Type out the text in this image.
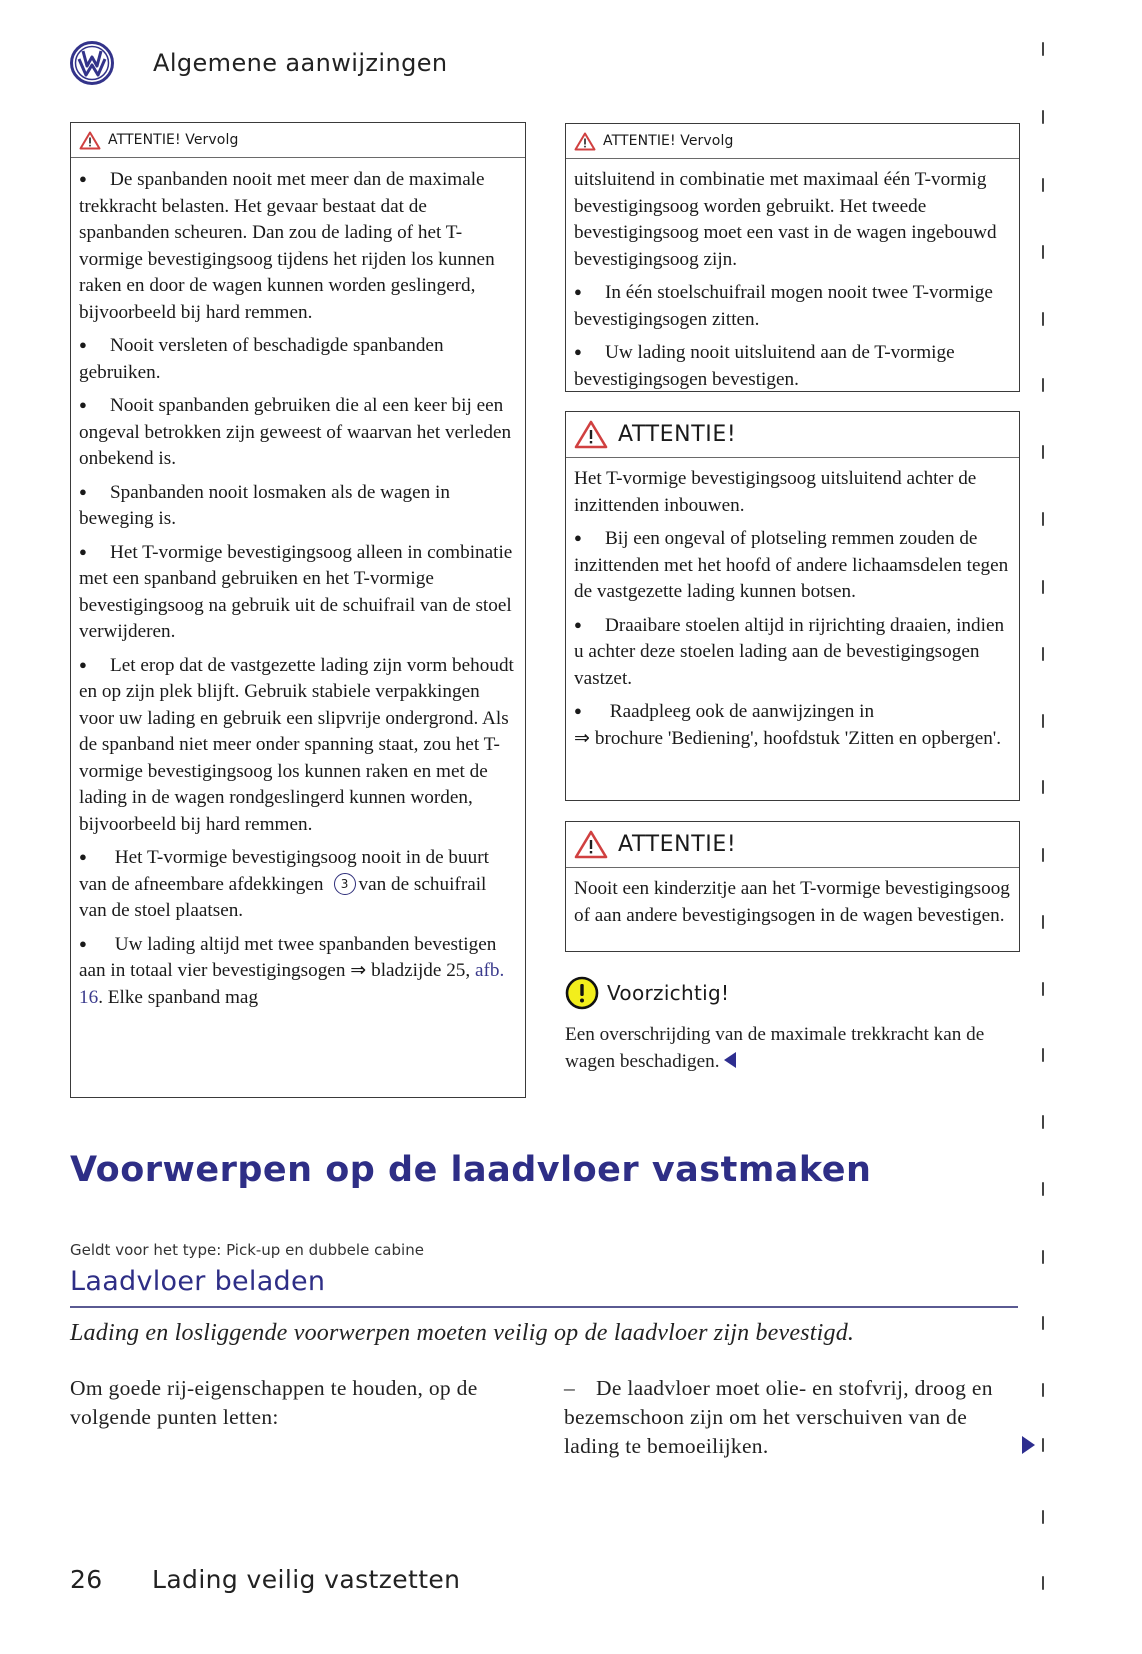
Algemene aanwijzingen
ATTENTIE! Vervolg

● De spanbanden nooit met meer dan de maximale trekkracht belasten. Het gevaar bestaat dat de spanbanden scheuren. Dan zou de lading of het T-vormige bevestigingsoog tijdens het rijden los kunnen raken en door de wagen kunnen worden geslingerd, bijvoorbeeld bij hard remmen.

● Nooit versleten of beschadigde spanbanden gebruiken.

● Nooit spanbanden gebruiken die al een keer bij een ongeval betrokken zijn geweest of waarvan het verleden onbekend is.

● Spanbanden nooit losmaken als de wagen in beweging is.

● Het T-vormige bevestigingsoog alleen in combinatie met een spanband gebruiken en het T-vormige bevestigingsoog na gebruik uit de schuifrail van de stoel verwijderen.

● Let erop dat de vastgezette lading zijn vorm behoudt en op zijn plek blijft. Gebruik stabiele verpakkingen voor uw lading en gebruik een slipvrije ondergrond. Als de spanband niet meer onder spanning staat, zou het T-vormige bevestigingsoog los kunnen raken en met de lading in de wagen rondgeslingerd kunnen worden, bijvoorbeeld bij hard remmen.

● Het T-vormige bevestigingsoog nooit in de buurt van de afneembare afdekkingen 3 van de schuifrail van de stoel plaatsen.

● Uw lading altijd met twee spanbanden bevestigen aan in totaal vier bevestigingsogen ⇒ bladzijde 25, afb. 16. Elke spanband mag

ATTENTIE! Vervolg

uitsluitend in combinatie met maximaal één T-vormig bevestigingsoog worden gebruikt. Het tweede bevestigingsoog moet een vast in de wagen ingebouwd bevestigingsoog zijn.

● In één stoelschuifrail mogen nooit twee T-vormige bevestigingsogen zitten.

● Uw lading nooit uitsluitend aan de T-vormige bevestigingsogen bevestigen.

ATTENTIE!

Het T-vormige bevestigingsoog uitsluitend achter de inzittenden inbouwen.

● Bij een ongeval of plotseling remmen zouden de inzittenden met het hoofd of andere lichaamsdelen tegen de vastgezette lading kunnen botsen.

● Draaibare stoelen altijd in rijrichting draaien, indien u achter deze stoelen lading aan de bevestigingsogen vastzet.

● Raadpleeg ook de aanwijzingen in
⇒ brochure 'Bediening', hoofdstuk 'Zitten en opbergen'.

ATTENTIE!

Nooit een kinderzitje aan het T-vormige bevestigingsoog of aan andere bevestigingsogen in de wagen bevestigen.

Voorzichtig!
Een overschrijding van de maximale trekkracht kan de wagen beschadigen.
Voorwerpen op de laadvloer vastmaken
Geldt voor het type: Pick-up en dubbele cabine
Laadvloer beladen
Lading en losliggende voorwerpen moeten veilig op de laadvloer zijn bevestigd.
Om goede rij-eigenschappen te houden, op de volgende punten letten:
– De laadvloer moet olie- en stofvrij, droog en bezemschoon zijn om het verschuiven van de lading te bemoeilijken.
26	Lading veilig vastzetten
